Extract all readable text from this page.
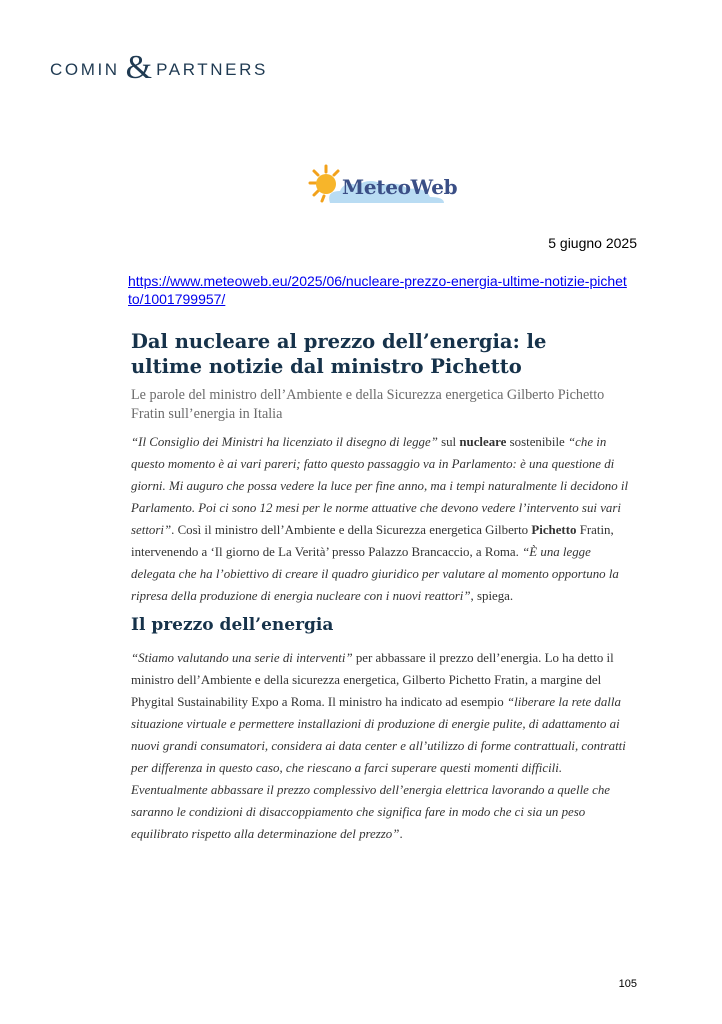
COMIN & PARTNERS
MeteoWeb
5 giugno 2025
https://www.meteoweb.eu/2025/06/nucleare-prezzo-energia-ultime-notizie-pichetto/1001799957/
Dal nucleare al prezzo dell’energia: le ultime notizie dal ministro Pichetto

Le parole del ministro dell’Ambiente e della Sicurezza energetica Gilberto Pichetto Fratin sull’energia in Italia

“Il Consiglio dei Ministri ha licenziato il disegno di legge” sul nucleare sostenibile “che in questo momento è ai vari pareri; fatto questo passaggio va in Parlamento: è una questione di giorni. Mi auguro che possa vedere la luce per fine anno, ma i tempi naturalmente li decidono il Parlamento. Poi ci sono 12 mesi per le norme attuative che devono vedere l’intervento sui vari settori”. Così il ministro dell’Ambiente e della Sicurezza energetica Gilberto Pichetto Fratin, intervenendo a ‘Il giorno de La Verità’ presso Palazzo Brancaccio, a Roma. “È una legge delegata che ha l’obiettivo di creare il quadro giuridico per valutare al momento opportuno la ripresa della produzione di energia nucleare con i nuovi reattori”, spiega.

Il prezzo dell’energia

“Stiamo valutando una serie di interventi” per abbassare il prezzo dell’energia. Lo ha detto il ministro dell’Ambiente e della sicurezza energetica, Gilberto Pichetto Fratin, a margine del Phygital Sustainability Expo a Roma. Il ministro ha indicato ad esempio “liberare la rete dalla situazione virtuale e permettere installazioni di produzione di energie pulite, di adattamento ai nuovi grandi consumatori, considera ai data center e all’utilizzo di forme contrattuali, contratti per differenza in questo caso, che riescano a farci superare questi momenti difficili. Eventualmente abbassare il prezzo complessivo dell’energia elettrica lavorando a quelle che saranno le condizioni di disaccoppiamento che significa fare in modo che ci sia un peso equilibrato rispetto alla determinazione del prezzo”.

105
